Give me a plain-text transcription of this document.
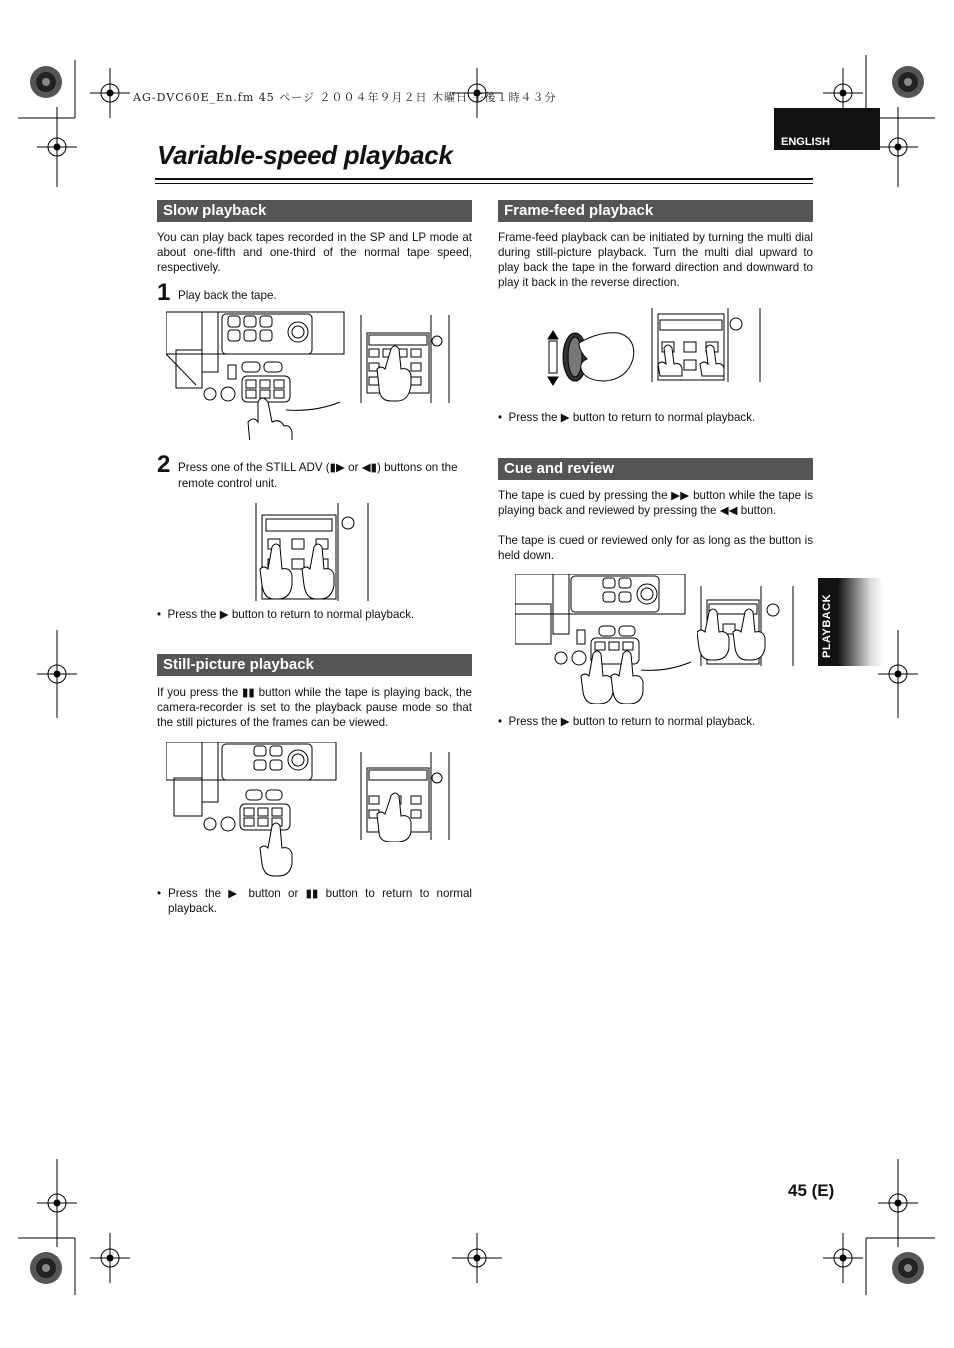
AG-DVC60E_En.fm 45 ページ ２００４年９月２日 木曜日 午後１時４３分
ENGLISH
Variable-speed playback
Slow playback
You can play back tapes recorded in the SP and LP mode at about one-fifth and one-third of the normal tape speed, respectively.
1 Play back the tape.
2 Press one of the STILL ADV (▮▶ or ◀▮) buttons on the remote control unit.
•  Press the ▶ button to return to normal playback.
Still-picture playback
If you press the ▮▮ button while the tape is playing back, the camera-recorder is set to the playback pause mode so that the still pictures of the frames can be viewed.
• Press the ▶ button or ▮▮ button to return to normal playback.
Frame-feed playback
Frame-feed playback can be initiated by turning the multi dial during still-picture playback. Turn the multi dial upward to play back the tape in the forward direction and downward to play it back in the reverse direction.
•  Press the ▶ button to return to normal playback.
Cue and review
The tape is cued by pressing the ▶▶ button while the tape is playing back and reviewed by pressing the ◀◀ button.
The tape is cued or reviewed only for as long as the button is held down.
•  Press the ▶ button to return to normal playback.
PLAYBACK
45 (E)
